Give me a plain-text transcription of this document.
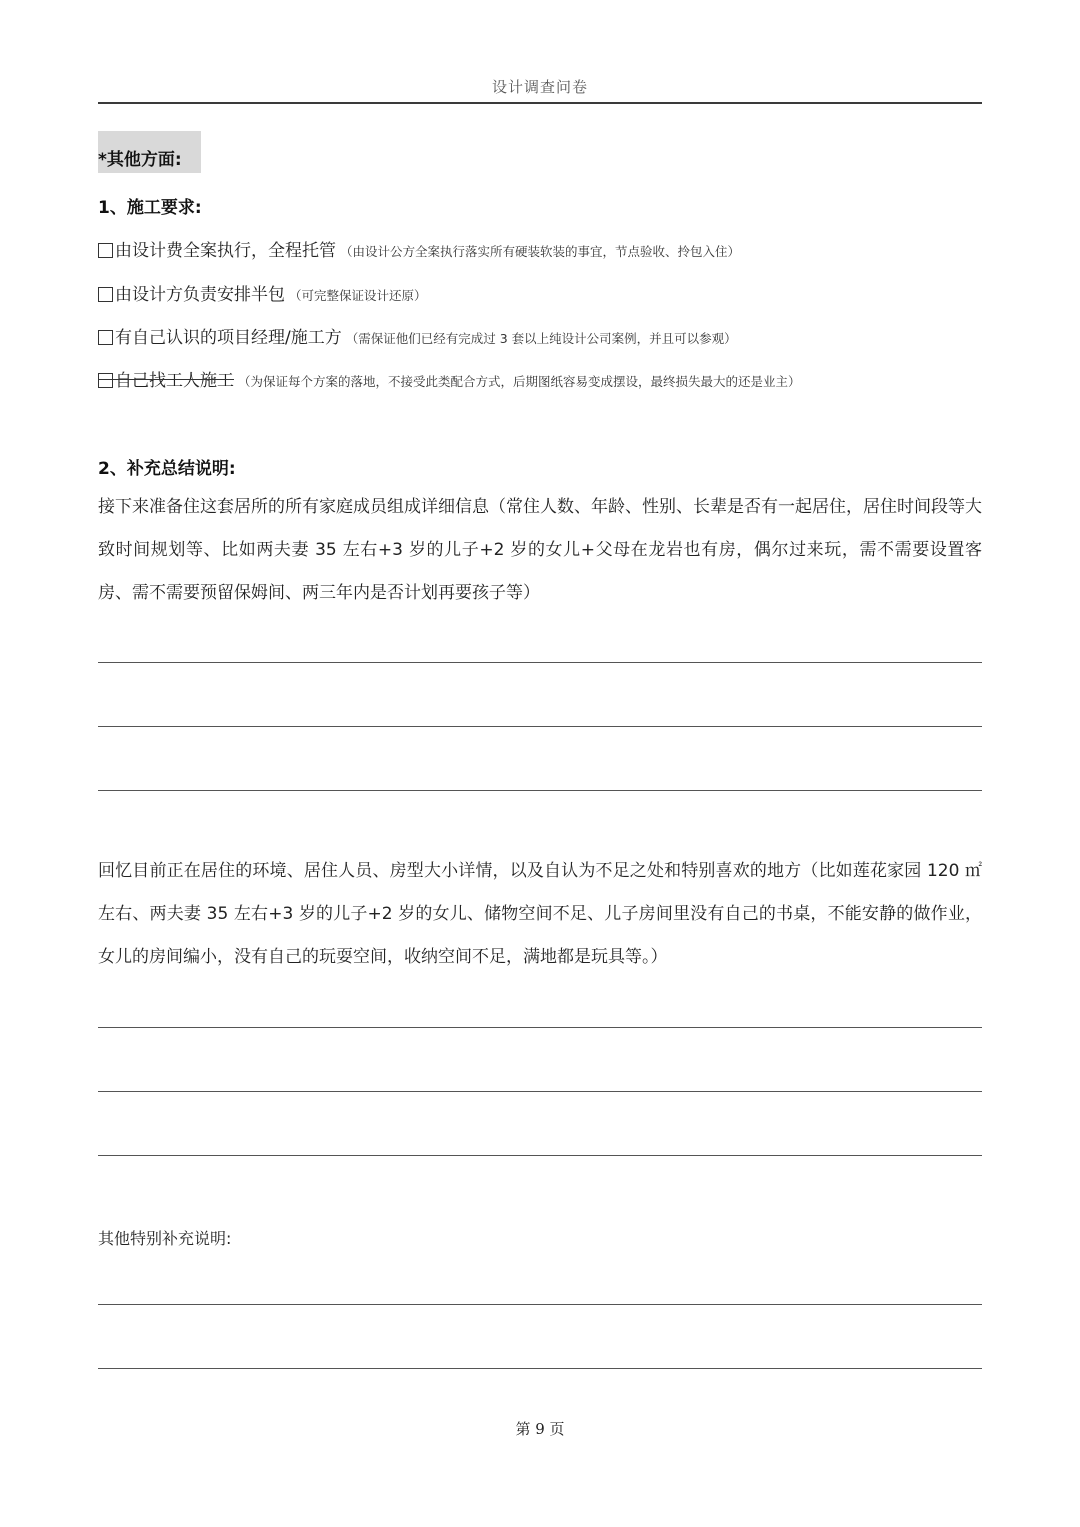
设计调查问卷
*其他方面:
1、施工要求:
由设计费全案执行，全程托管 （由设计公方全案执行落实所有硬装软装的事宜，节点验收、拎包入住）
由设计方负责安排半包 （可完整保证设计还原）
有自己认识的项目经理/施工方 （需保证他们已经有完成过 3 套以上纯设计公司案例，并且可以参观）
自己找工人施工 （为保证每个方案的落地，不接受此类配合方式，后期图纸容易变成摆设，最终损失最大的还是业主）
2、补充总结说明:
接下来准备住这套居所的所有家庭成员组成详细信息（常住人数、年龄、性别、长辈是否有一起居住，居住时间段等大致时间规划等、比如两夫妻 35 左右+3 岁的儿子+2 岁的女儿+父母在龙岩也有房，偶尔过来玩，需不需要设置客房、需不需要预留保姆间、两三年内是否计划再要孩子等）
回忆目前正在居住的环境、居住人员、房型大小详情，以及自认为不足之处和特别喜欢的地方（比如莲花家园 120 ㎡左右、两夫妻 35 左右+3 岁的儿子+2 岁的女儿、储物空间不足、儿子房间里没有自己的书桌，不能安静的做作业，女儿的房间编小，没有自己的玩耍空间，收纳空间不足，满地都是玩具等。）
其他特别补充说明:
第 9 页
